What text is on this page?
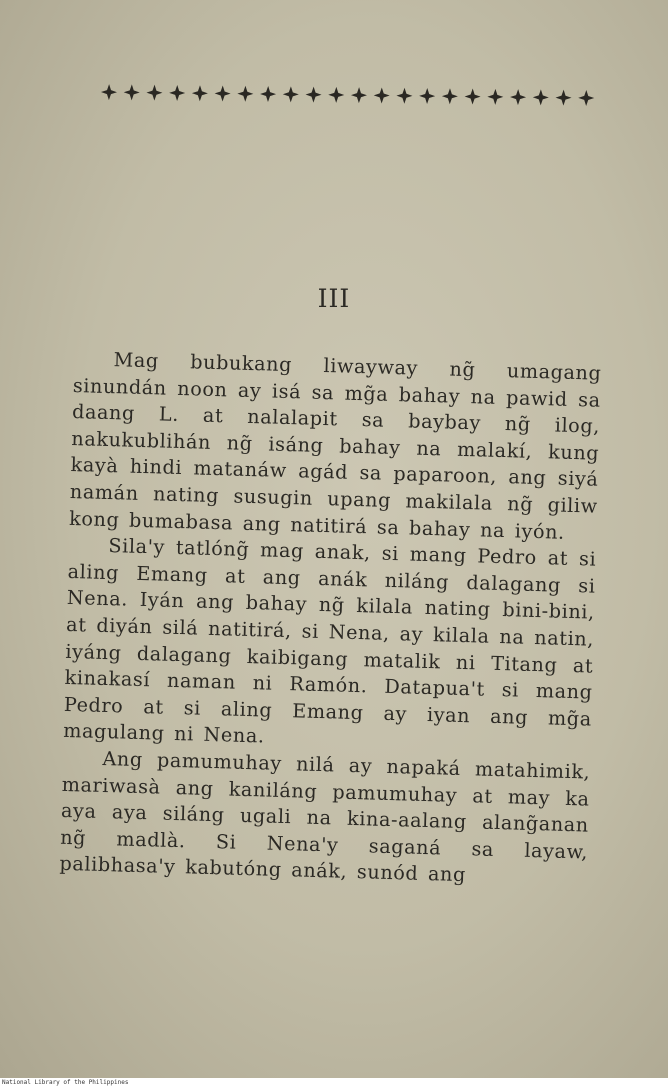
III

Mag bubukang liwayway ng̃ umagang sinundán noon ay isá sa mg̃a bahay na pawid sa daang L. at nalalapit sa baybay ng̃ ilog, nakukublihán ng̃ isáng bahay na malakí, kung kayà hindi matanáw agád sa paparoon, ang siyá namán nating susugin upang makilala ng̃ giliw kong bumabasa ang natitirá sa bahay na iyón.

Sila'y tatlóng̃ mag anak, si mang Pedro at si aling Emang at ang anák niláng dalagang si Nena. Iyán ang bahay ng̃ kilala nating bini-bini, at diyán silá natitirá, si Nena, ay kilala na natin, iyáng dalagang kaibigang matalik ni Titang at kinakasí naman ni Ramón. Datapua't si mang Pedro at si aling Emang ay iyan ang mg̃a magulang ni Nena.

Ang pamumuhay nilá ay napaká matahimik, mariwasà ang kaniláng pamumuhay at may ka aya aya siláng ugali na kina-aalang alang̃anan ng̃ madlà. Si Nena'y saganá sa layaw, palibhasa'y kabutóng anák, sunód ang

National Library of the Philippines
